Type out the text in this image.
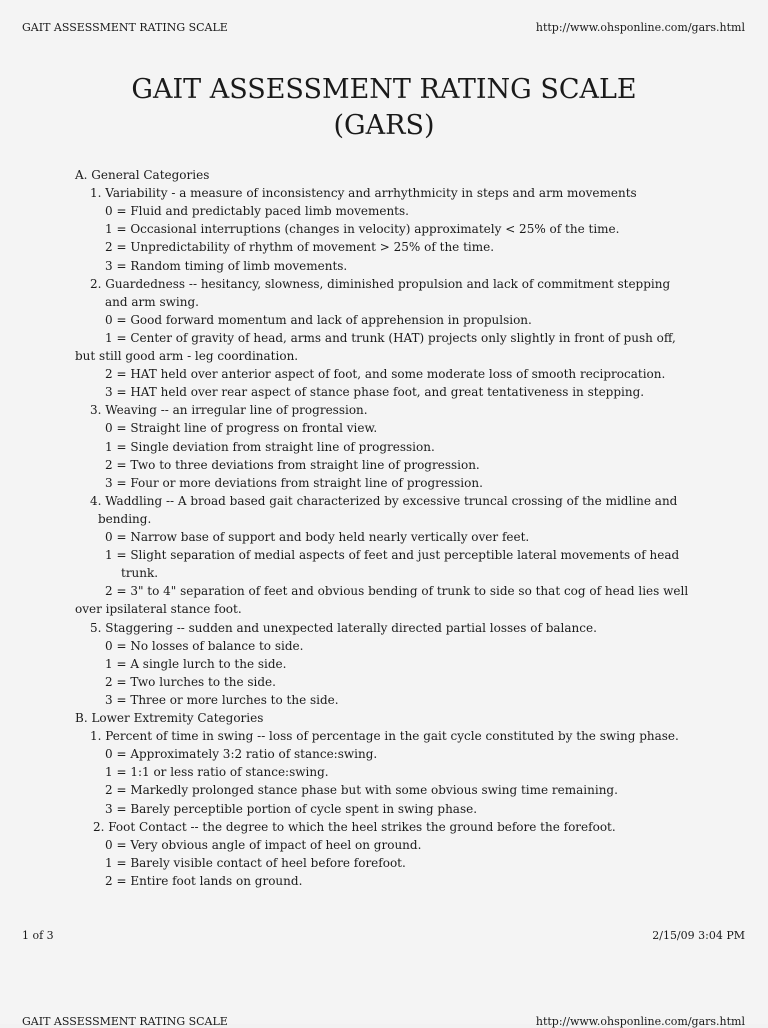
GAIT ASSESSMENT RATING SCALE	http://www.ohsponline.com/gars.html
GAIT ASSESSMENT RATING SCALE
(GARS)
A. General Categories
1. Variability - a measure of inconsistency and arrhythmicity in steps and arm movements
0 = Fluid and predictably paced limb movements.
1 = Occasional interruptions (changes in velocity) approximately < 25% of the time.
2 = Unpredictability of rhythm of movement > 25% of the time.
3 = Random timing of limb movements.
2. Guardedness -- hesitancy, slowness, diminished propulsion and lack of commitment stepping
and arm swing.
0 = Good forward momentum and lack of apprehension in propulsion.
1 = Center of gravity of head, arms and trunk (HAT) projects only slightly in front of push off,
but still good arm - leg coordination.
2 = HAT held over anterior aspect of foot, and some moderate loss of smooth reciprocation.
3 = HAT held over rear aspect of stance phase foot, and great tentativeness in stepping.
3. Weaving -- an irregular line of progression.
0 = Straight line of progress on frontal view.
1 = Single deviation from straight line of progression.
2 = Two to three deviations from straight line of progression.
3 = Four or more deviations from straight line of progression.
4. Waddling -- A broad based gait characterized by excessive truncal crossing of the midline and
bending.
0 = Narrow base of support and body held nearly vertically over feet.
1 = Slight separation of medial aspects of feet and just perceptible lateral movements of head
trunk.
2 = 3" to 4" separation of feet and obvious bending of trunk to side so that cog of head lies well
over ipsilateral stance foot.
5. Staggering -- sudden and unexpected laterally directed partial losses of balance.
0 = No losses of balance to side.
1 = A single lurch to the side.
2 = Two lurches to the side.
3 = Three or more lurches to the side.
B. Lower Extremity Categories
1. Percent of time in swing -- loss of percentage in the gait cycle constituted by the swing phase.
0 = Approximately 3:2 ratio of stance:swing.
1 = 1:1 or less ratio of stance:swing.
2 = Markedly prolonged stance phase but with some obvious swing time remaining.
3 = Barely perceptible portion of cycle spent in swing phase.
2. Foot Contact -- the degree to which the heel strikes the ground before the forefoot.
0 = Very obvious angle of impact of heel on ground.
1 = Barely visible contact of heel before forefoot.
2 = Entire foot lands on ground.
1 of 3	2/15/09 3:04 PM
GAIT ASSESSMENT RATING SCALE	http://www.ohsponline.com/gars.html
